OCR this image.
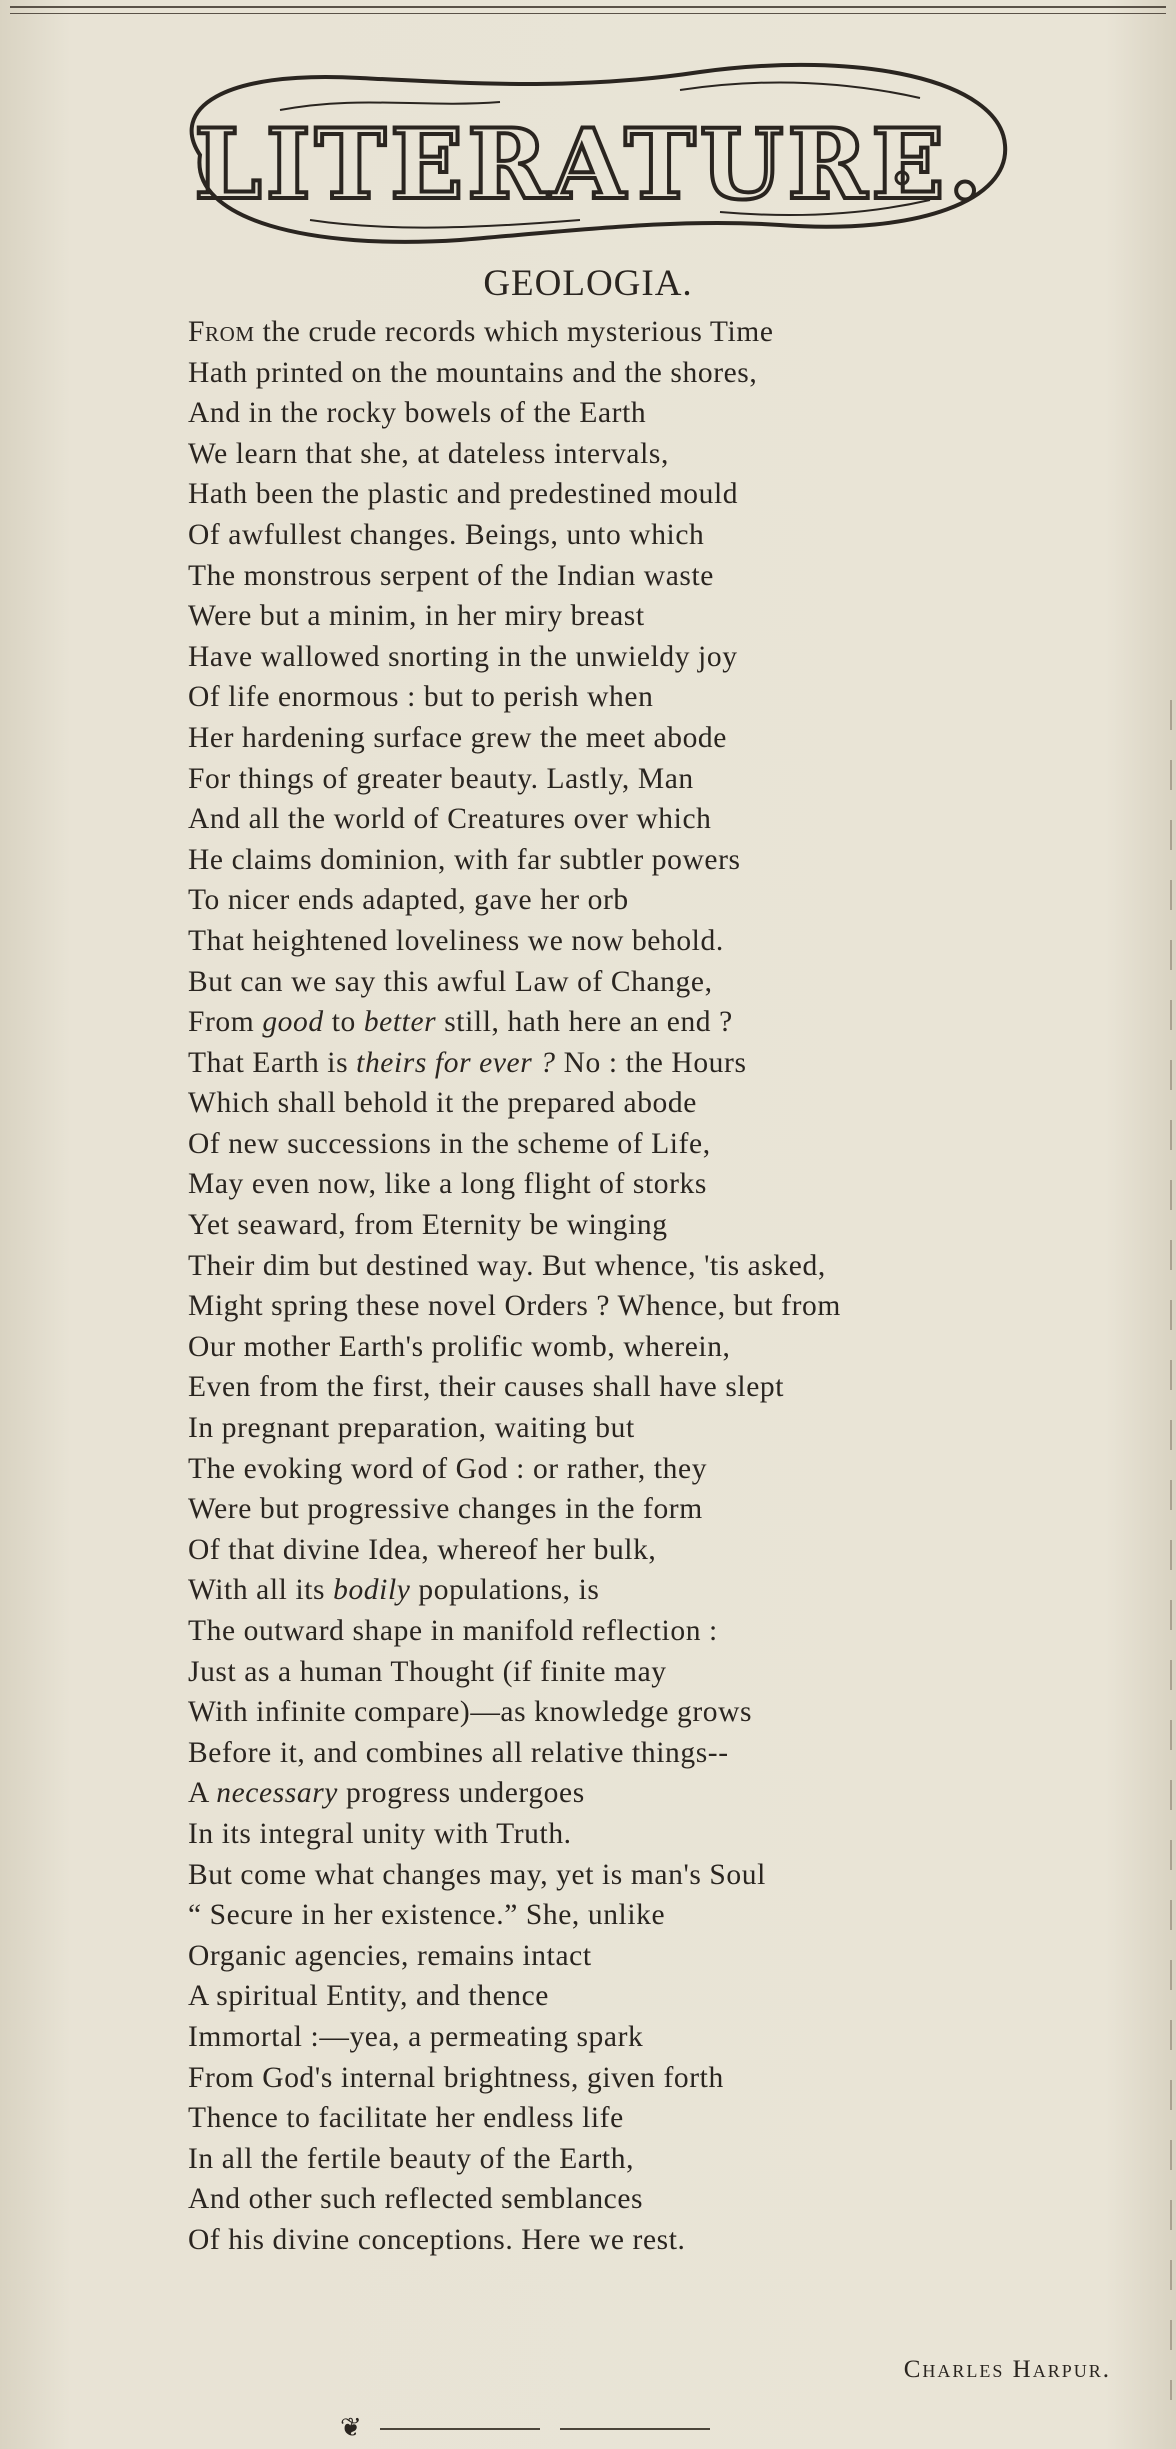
LITERATURE.
GEOLOGIA.
From the crude records which mysterious Time
Hath printed on the mountains and the shores,
And in the rocky bowels of the Earth
We learn that she, at dateless intervals,
Hath been the plastic and predestined mould
Of awfullest changes. Beings, unto which
The monstrous serpent of the Indian waste
Were but a minim, in her miry breast
Have wallowed snorting in the unwieldy joy
Of life enormous : but to perish when
Her hardening surface grew the meet abode
For things of greater beauty. Lastly, Man
And all the world of Creatures over which
He claims dominion, with far subtler powers
To nicer ends adapted, gave her orb
That heightened loveliness we now behold.
But can we say this awful Law of Change,
From good to better still, hath here an end ?
That Earth is theirs for ever ? No : the Hours
Which shall behold it the prepared abode
Of new successions in the scheme of Life,
May even now, like a long flight of storks
Yet seaward, from Eternity be winging
Their dim but destined way. But whence, 'tis asked,
Might spring these novel Orders ? Whence, but from
Our mother Earth's prolific womb, wherein,
Even from the first, their causes shall have slept
In pregnant preparation, waiting but
The evoking word of God : or rather, they
Were but progressive changes in the form
Of that divine Idea, whereof her bulk,
With all its bodily populations, is
The outward shape in manifold reflection :
Just as a human Thought (if finite may
With infinite compare)—as knowledge grows
Before it, and combines all relative things--
A necessary progress undergoes
In its integral unity with Truth.
But come what changes may, yet is man's Soul
“ Secure in her existence.” She, unlike
Organic agencies, remains intact
A spiritual Entity, and thence
Immortal :—yea, a permeating spark
From God's internal brightness, given forth
Thence to facilitate her endless life
In all the fertile beauty of the Earth,
And other such reflected semblances
Of his divine conceptions. Here we rest.
Charles Harpur.
❦
